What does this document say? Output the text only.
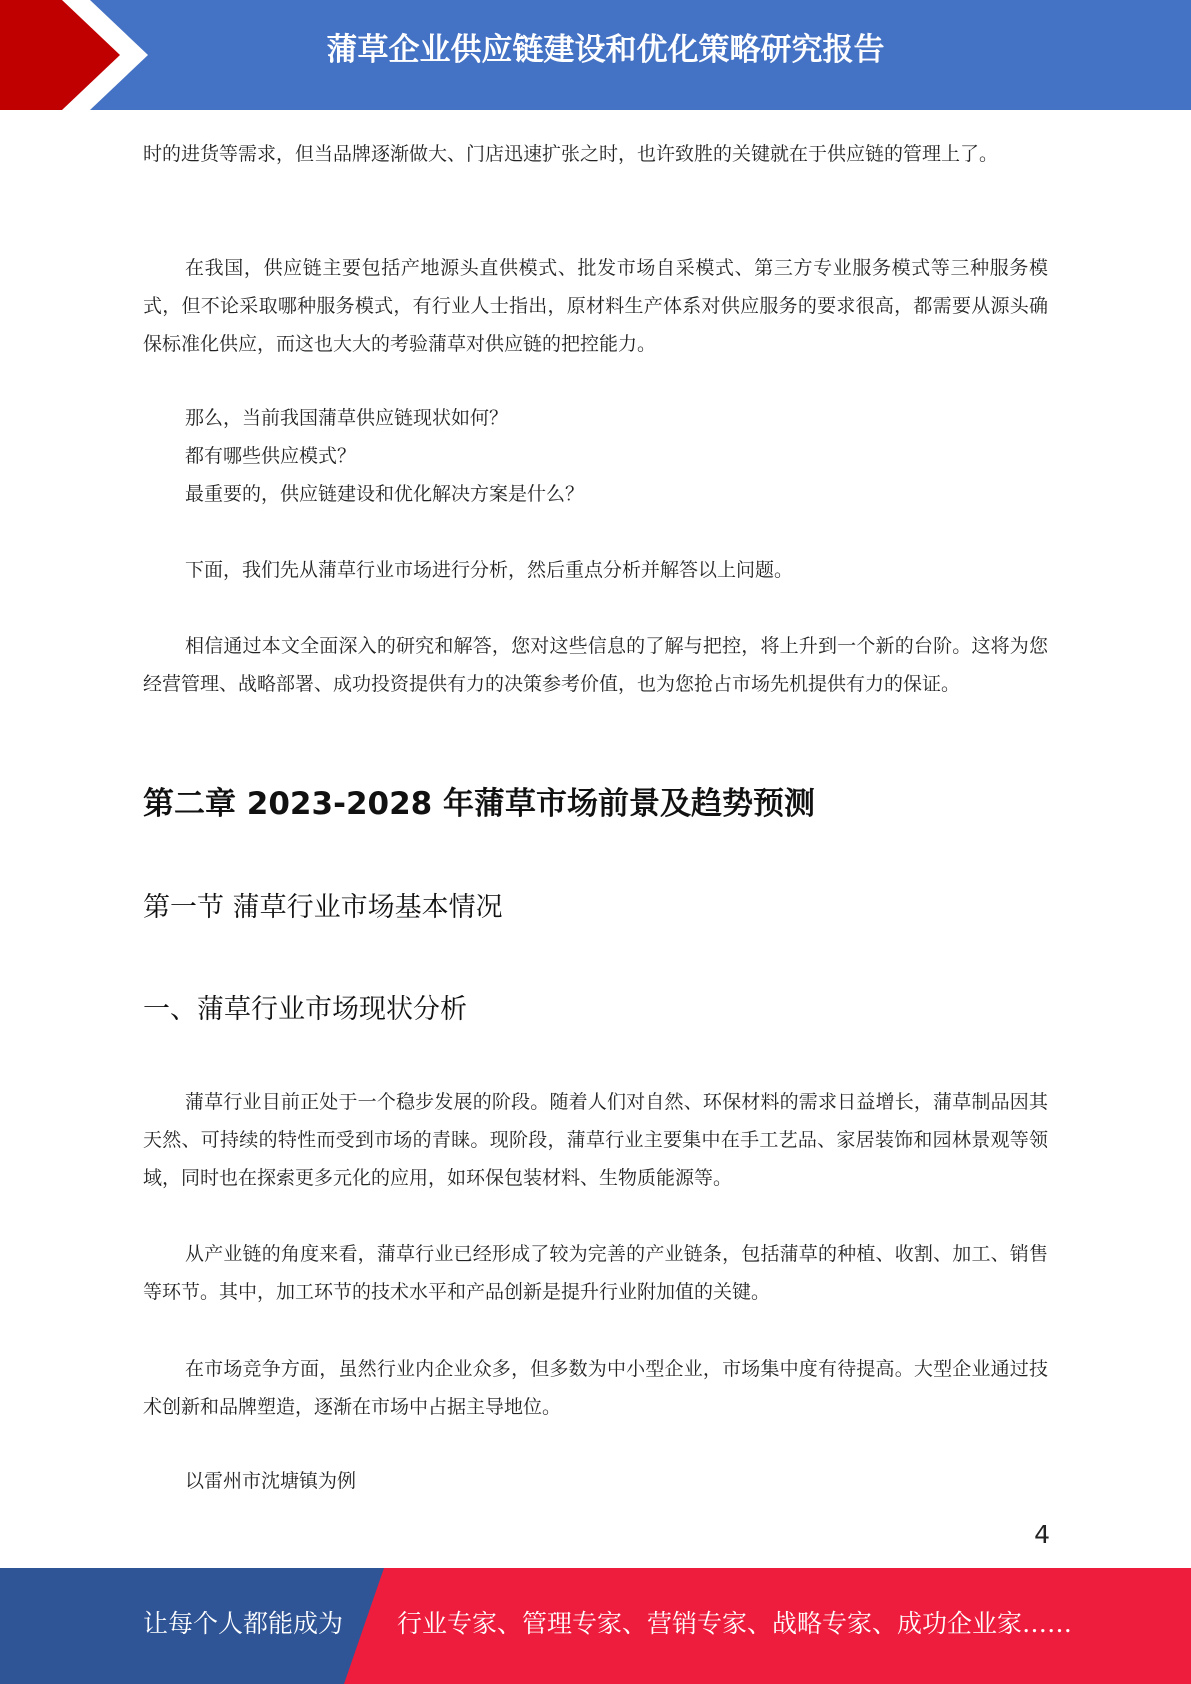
蒲草企业供应链建设和优化策略研究报告

时的进货等需求，但当品牌逐渐做大、门店迅速扩张之时，也许致胜的关键就在于供应链的管理上了。

在我国，供应链主要包括产地源头直供模式、批发市场自采模式、第三方专业服务模式等三种服务模式，但不论采取哪种服务模式，有行业人士指出，原材料生产体系对供应服务的要求很高，都需要从源头确保标准化供应，而这也大大的考验蒲草对供应链的把控能力。

那么，当前我国蒲草供应链现状如何？

都有哪些供应模式？

最重要的，供应链建设和优化解决方案是什么？

下面，我们先从蒲草行业市场进行分析，然后重点分析并解答以上问题。

相信通过本文全面深入的研究和解答，您对这些信息的了解与把控，将上升到一个新的台阶。这将为您经营管理、战略部署、成功投资提供有力的决策参考价值，也为您抢占市场先机提供有力的保证。

第二章 2023-2028 年蒲草市场前景及趋势预测
第一节 蒲草行业市场基本情况
一、蒲草行业市场现状分析

蒲草行业目前正处于一个稳步发展的阶段。随着人们对自然、环保材料的需求日益增长，蒲草制品因其天然、可持续的特性而受到市场的青睐。现阶段，蒲草行业主要集中在手工艺品、家居装饰和园林景观等领域，同时也在探索更多元化的应用，如环保包装材料、生物质能源等。

从产业链的角度来看，蒲草行业已经形成了较为完善的产业链条，包括蒲草的种植、收割、加工、销售等环节。其中，加工环节的技术水平和产品创新是提升行业附加值的关键。

在市场竞争方面，虽然行业内企业众多，但多数为中小型企业，市场集中度有待提高。大型企业通过技术创新和品牌塑造，逐渐在市场中占据主导地位。

以雷州市沈塘镇为例

4
让每个人都能成为 行业专家、管理专家、营销专家、战略专家、成功企业家……
